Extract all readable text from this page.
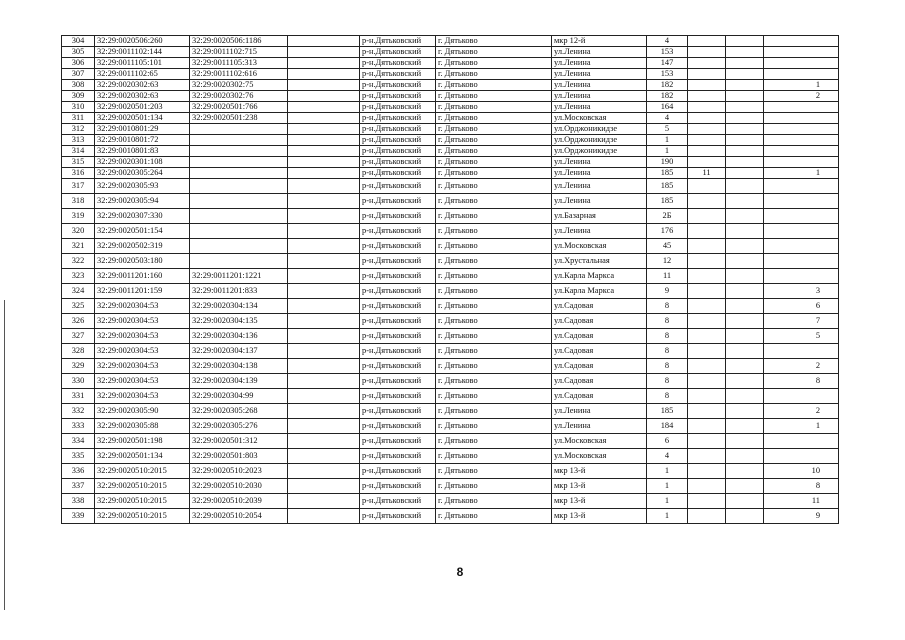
304	32:29:0020506:260	32:29:0020506:1186		р-н.Дятьковский	г. Дятьково	мкр 12-й	4			
305	32:29:0011102:144	32:29:0011102:715		р-н.Дятьковский	г. Дятьково	ул.Ленина	153			
306	32:29:0011105:101	32:29:0011105:313		р-н.Дятьковский	г. Дятьково	ул.Ленина	147			
307	32:29:0011102:65	32:29:0011102:616		р-н.Дятьковский	г. Дятьково	ул.Ленина	153			
308	32:29:0020302:63	32:29:0020302:75		р-н.Дятьковский	г. Дятьково	ул.Ленина	182			1
309	32:29:0020302:63	32:29:0020302:76		р-н.Дятьковский	г. Дятьково	ул.Ленина	182			2
310	32:29:0020501:203	32:29:0020501:766		р-н.Дятьковский	г. Дятьково	ул.Ленина	164			
311	32:29:0020501:134	32:29:0020501:238		р-н.Дятьковский	г. Дятьково	ул.Московская	4			
312	32:29:0010801:29			р-н.Дятьковский	г. Дятьково	ул.Орджоникидзе	5			
313	32:29:0010801:72			р-н.Дятьковский	г. Дятьково	ул.Орджоникидзе	1			
314	32:29:0010801:83			р-н.Дятьковский	г. Дятьково	ул.Орджоникидзе	1			
315	32:29:0020301:108			р-н.Дятьковский	г. Дятьково	ул.Ленина	190			
316	32:29:0020305:264			р-н.Дятьковский	г. Дятьково	ул.Ленина	185	11		1
317	32:29:0020305:93			р-н.Дятьковский	г. Дятьково	ул.Ленина	185			
318	32:29:0020305:94			р-н.Дятьковский	г. Дятьково	ул.Ленина	185			
319	32:29:0020307:330			р-н.Дятьковский	г. Дятьково	ул.Базарная	2Б			
320	32:29:0020501:154			р-н.Дятьковский	г. Дятьково	ул.Ленина	176			
321	32:29:0020502:319			р-н.Дятьковский	г. Дятьково	ул.Московская	45			
322	32:29:0020503:180			р-н.Дятьковский	г. Дятьково	ул.Хрустальная	12			
323	32:29:0011201:160	32:29:0011201:1221		р-н.Дятьковский	г. Дятьково	ул.Карла Маркса	11			
324	32:29:0011201:159	32:29:0011201:833		р-н.Дятьковский	г. Дятьково	ул.Карла Маркса	9			3
325	32:29:0020304:53	32:29:0020304:134		р-н.Дятьковский	г. Дятьково	ул.Садовая	8			6
326	32:29:0020304:53	32:29:0020304:135		р-н.Дятьковский	г. Дятьково	ул.Садовая	8			7
327	32:29:0020304:53	32:29:0020304:136		р-н.Дятьковский	г. Дятьково	ул.Садовая	8			5
328	32:29:0020304:53	32:29:0020304:137		р-н.Дятьковский	г. Дятьково	ул.Садовая	8			
329	32:29:0020304:53	32:29:0020304:138		р-н.Дятьковский	г. Дятьково	ул.Садовая	8			2
330	32:29:0020304:53	32:29:0020304:139		р-н.Дятьковский	г. Дятьково	ул.Садовая	8			8
331	32:29:0020304:53	32:29:0020304:99		р-н.Дятьковский	г. Дятьково	ул.Садовая	8			
332	32:29:0020305:90	32:29:0020305:268		р-н.Дятьковский	г. Дятьково	ул.Ленина	185			2
333	32:29:0020305:88	32:29:0020305:276		р-н.Дятьковский	г. Дятьково	ул.Ленина	184			1
334	32:29:0020501:198	32:29:0020501:312		р-н.Дятьковский	г. Дятьково	ул.Московская	6			
335	32:29:0020501:134	32:29:0020501:803		р-н.Дятьковский	г. Дятьково	ул.Московская	4			
336	32:29:0020510:2015	32:29:0020510:2023		р-н.Дятьковский	г. Дятьково	мкр 13-й	1			10
337	32:29:0020510:2015	32:29:0020510:2030		р-н.Дятьковский	г. Дятьково	мкр 13-й	1			8
338	32:29:0020510:2015	32:29:0020510:2039		р-н.Дятьковский	г. Дятьково	мкр 13-й	1			11
339	32:29:0020510:2015	32:29:0020510:2054		р-н.Дятьковский	г. Дятьково	мкр 13-й	1			9
8
